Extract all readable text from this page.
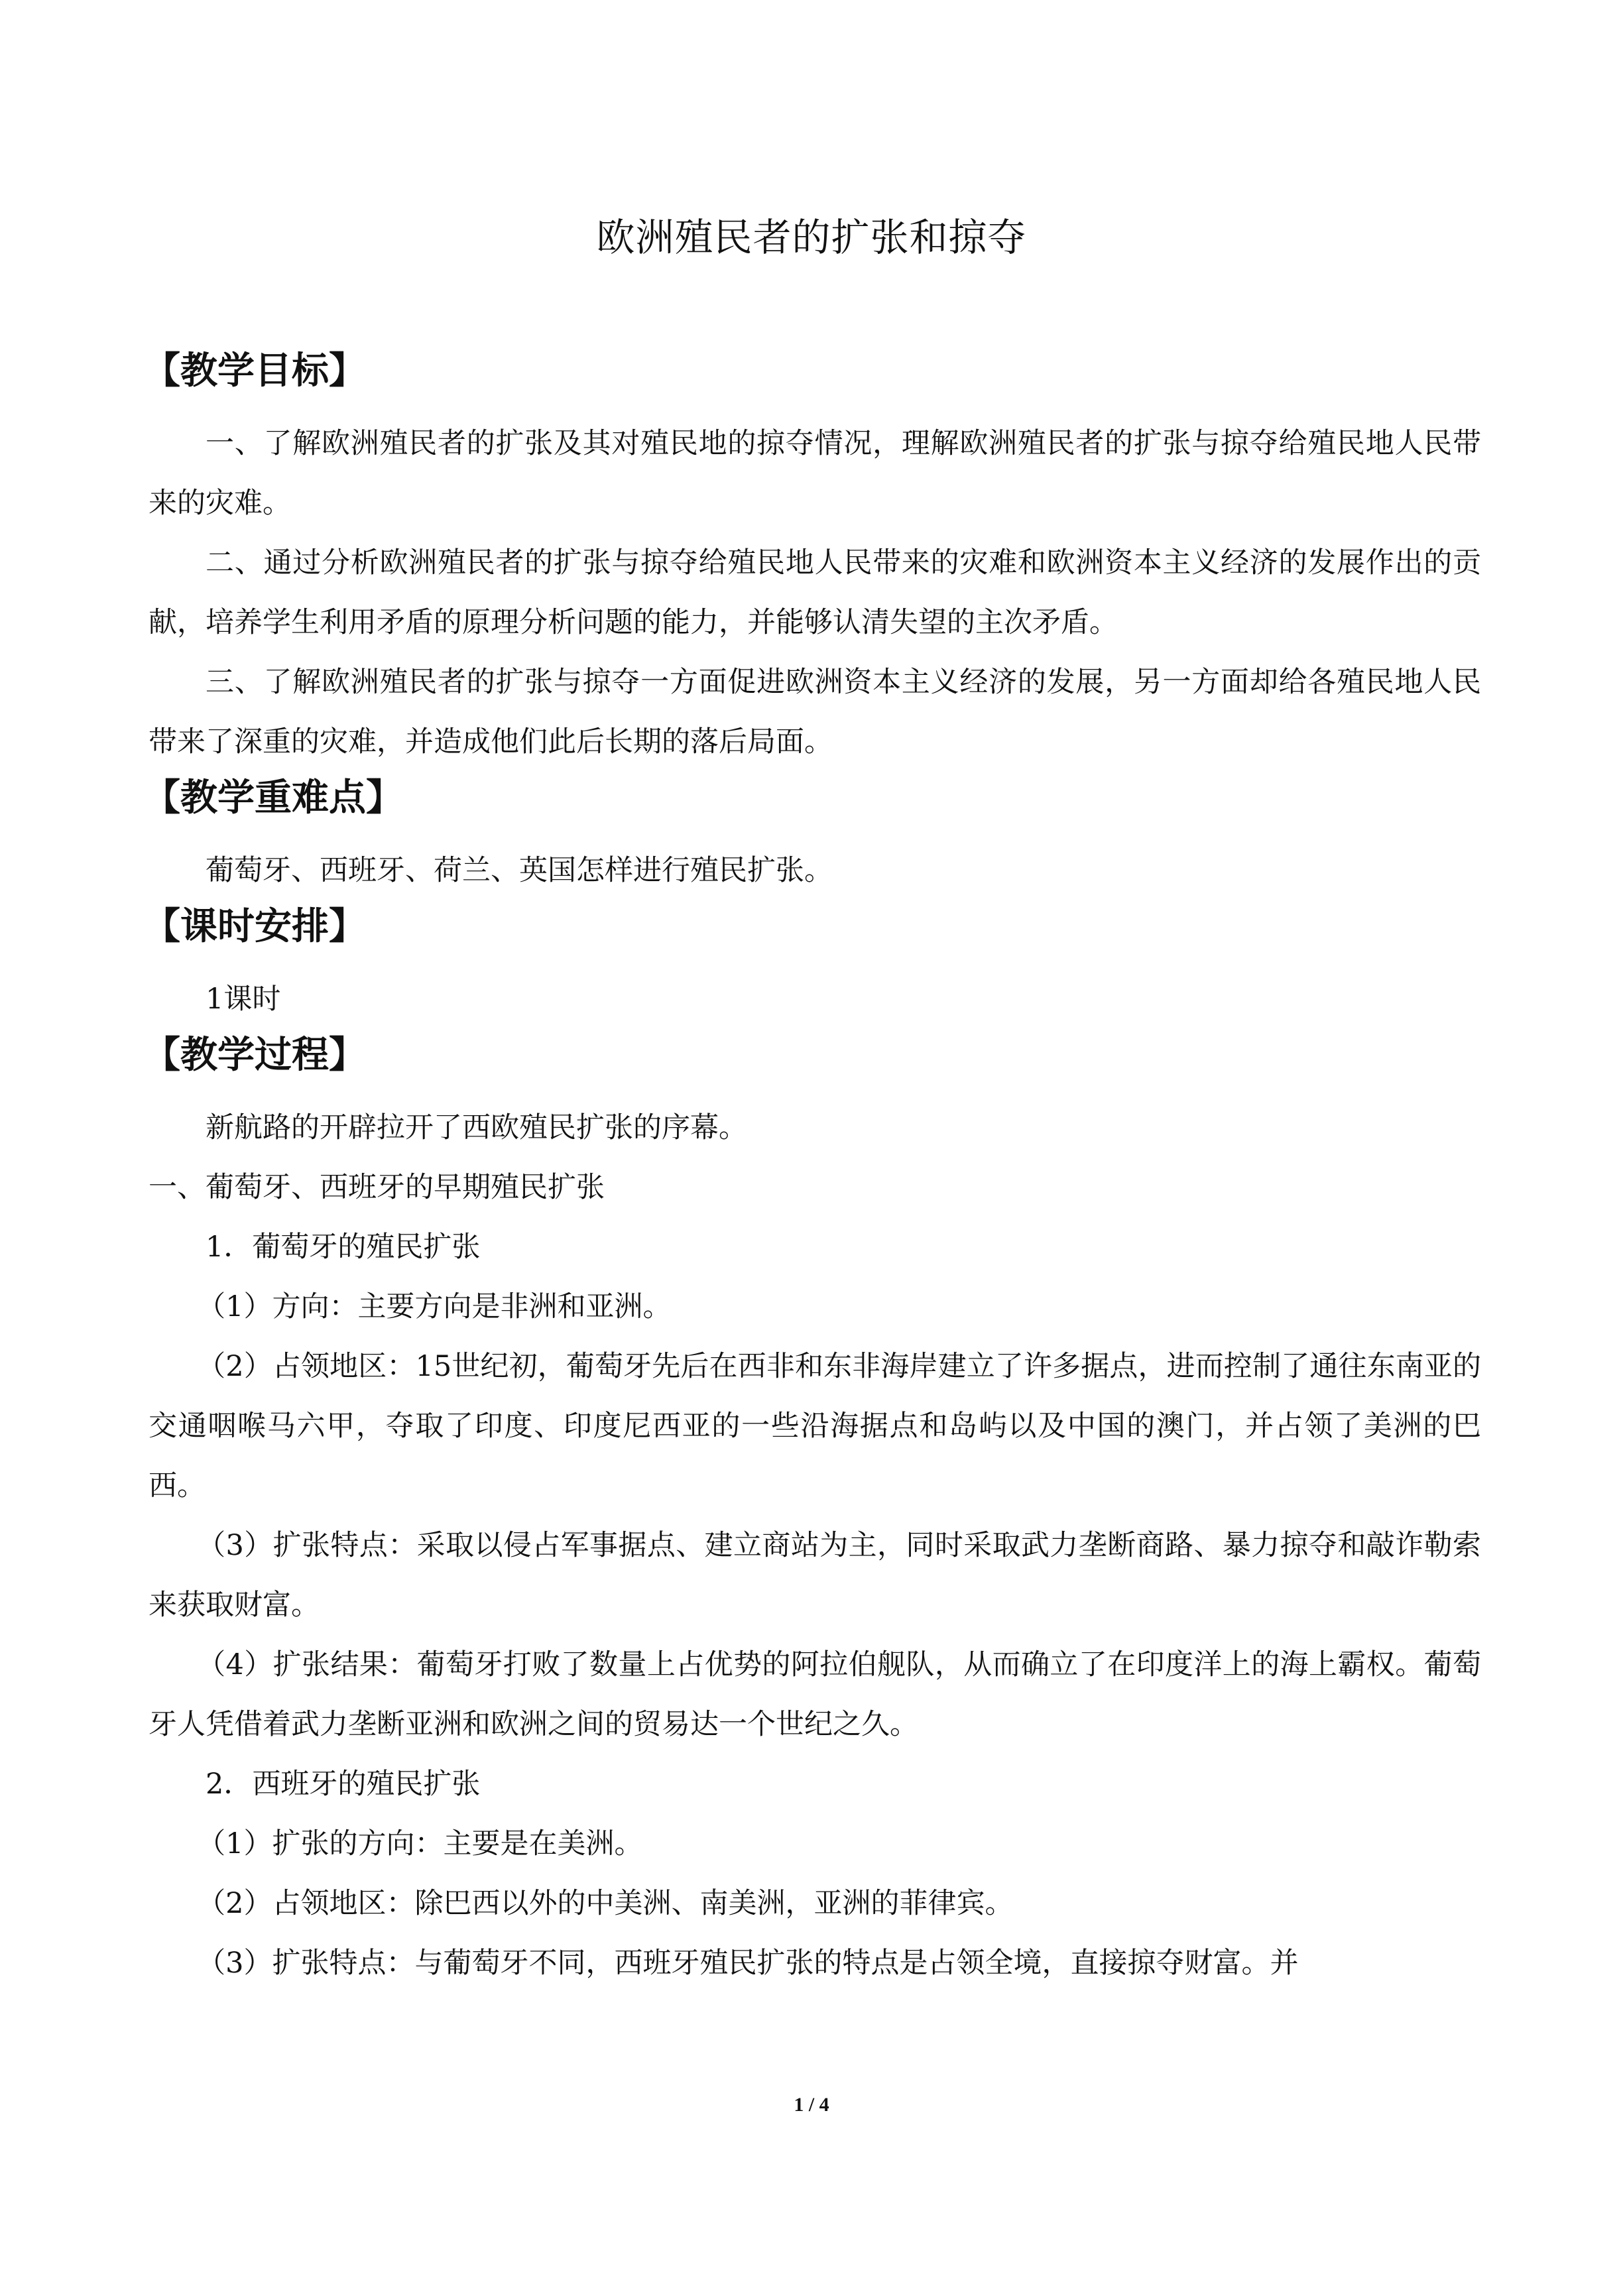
欧洲殖民者的扩张和掠夺
【教学目标】

一、了解欧洲殖民者的扩张及其对殖民地的掠夺情况，理解欧洲殖民者的扩张与掠夺给殖民地人民带来的灾难。

二、通过分析欧洲殖民者的扩张与掠夺给殖民地人民带来的灾难和欧洲资本主义经济的发展作出的贡献，培养学生利用矛盾的原理分析问题的能力，并能够认清失望的主次矛盾。

三、了解欧洲殖民者的扩张与掠夺一方面促进欧洲资本主义经济的发展，另一方面却给各殖民地人民带来了深重的灾难，并造成他们此后长期的落后局面。

【教学重难点】

葡萄牙、西班牙、荷兰、英国怎样进行殖民扩张。

【课时安排】

1课时

【教学过程】

新航路的开辟拉开了西欧殖民扩张的序幕。

一、葡萄牙、西班牙的早期殖民扩张

1．葡萄牙的殖民扩张

（1）方向：主要方向是非洲和亚洲。

（2）占领地区：15世纪初，葡萄牙先后在西非和东非海岸建立了许多据点，进而控制了通往东南亚的交通咽喉马六甲，夺取了印度、印度尼西亚的一些沿海据点和岛屿以及中国的澳门，并占领了美洲的巴西。

（3）扩张特点：采取以侵占军事据点、建立商站为主，同时采取武力垄断商路、暴力掠夺和敲诈勒索来获取财富。

（4）扩张结果：葡萄牙打败了数量上占优势的阿拉伯舰队，从而确立了在印度洋上的海上霸权。葡萄牙人凭借着武力垄断亚洲和欧洲之间的贸易达一个世纪之久。

2．西班牙的殖民扩张

（1）扩张的方向：主要是在美洲。

（2）占领地区：除巴西以外的中美洲、南美洲，亚洲的菲律宾。

（3）扩张特点：与葡萄牙不同，西班牙殖民扩张的特点是占领全境，直接掠夺财富。并

1 / 4
